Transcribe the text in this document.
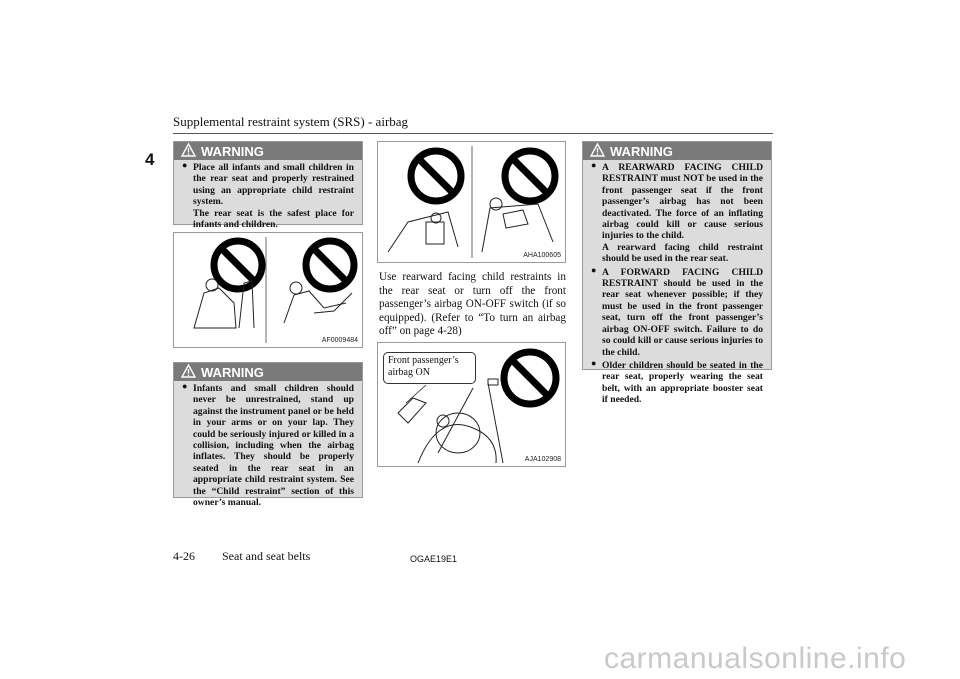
Supplemental restraint system (SRS) - airbag
4	WARNING
● Place all infants and small children in the rear seat and properly restrained using an appropriate child restraint system.
The rear seat is the safest place for infants and children.
AF0009484
WARNING
● Infants and small children should never be unrestrained, stand up against the instrument panel or be held in your arms or on your lap. They could be seriously injured or killed in a collision, including when the airbag inflates. They should be properly seated in the rear seat in an appropriate child restraint system. See the “Child restraint” section of this owner’s manual.
AHA100605
Use rearward facing child restraints in the rear seat or turn off the front passenger’s airbag ON-OFF switch (if so equipped). (Refer to “To turn an airbag off” on page 4-28)
AJA102908
Front passenger’s
airbag ON
WARNING
● A REARWARD FACING CHILD RESTRAINT must NOT be used in the front passenger seat if the front passenger’s airbag has not been deactivated. The force of an inflating airbag could kill or cause serious injuries to the child.
A rearward facing child restraint should be used in the rear seat.
● A FORWARD FACING CHILD RESTRAINT should be used in the rear seat whenever possible; if they must be used in the front passenger seat, turn off the front passenger’s airbag ON-OFF switch. Failure to do so could kill or cause serious injuries to the child.
● Older children should be seated in the rear seat, properly wearing the seat belt, with an appropriate booster seat if needed.
4-26 Seat and seat belts	OGAE19E1
carmanualsonline.info
